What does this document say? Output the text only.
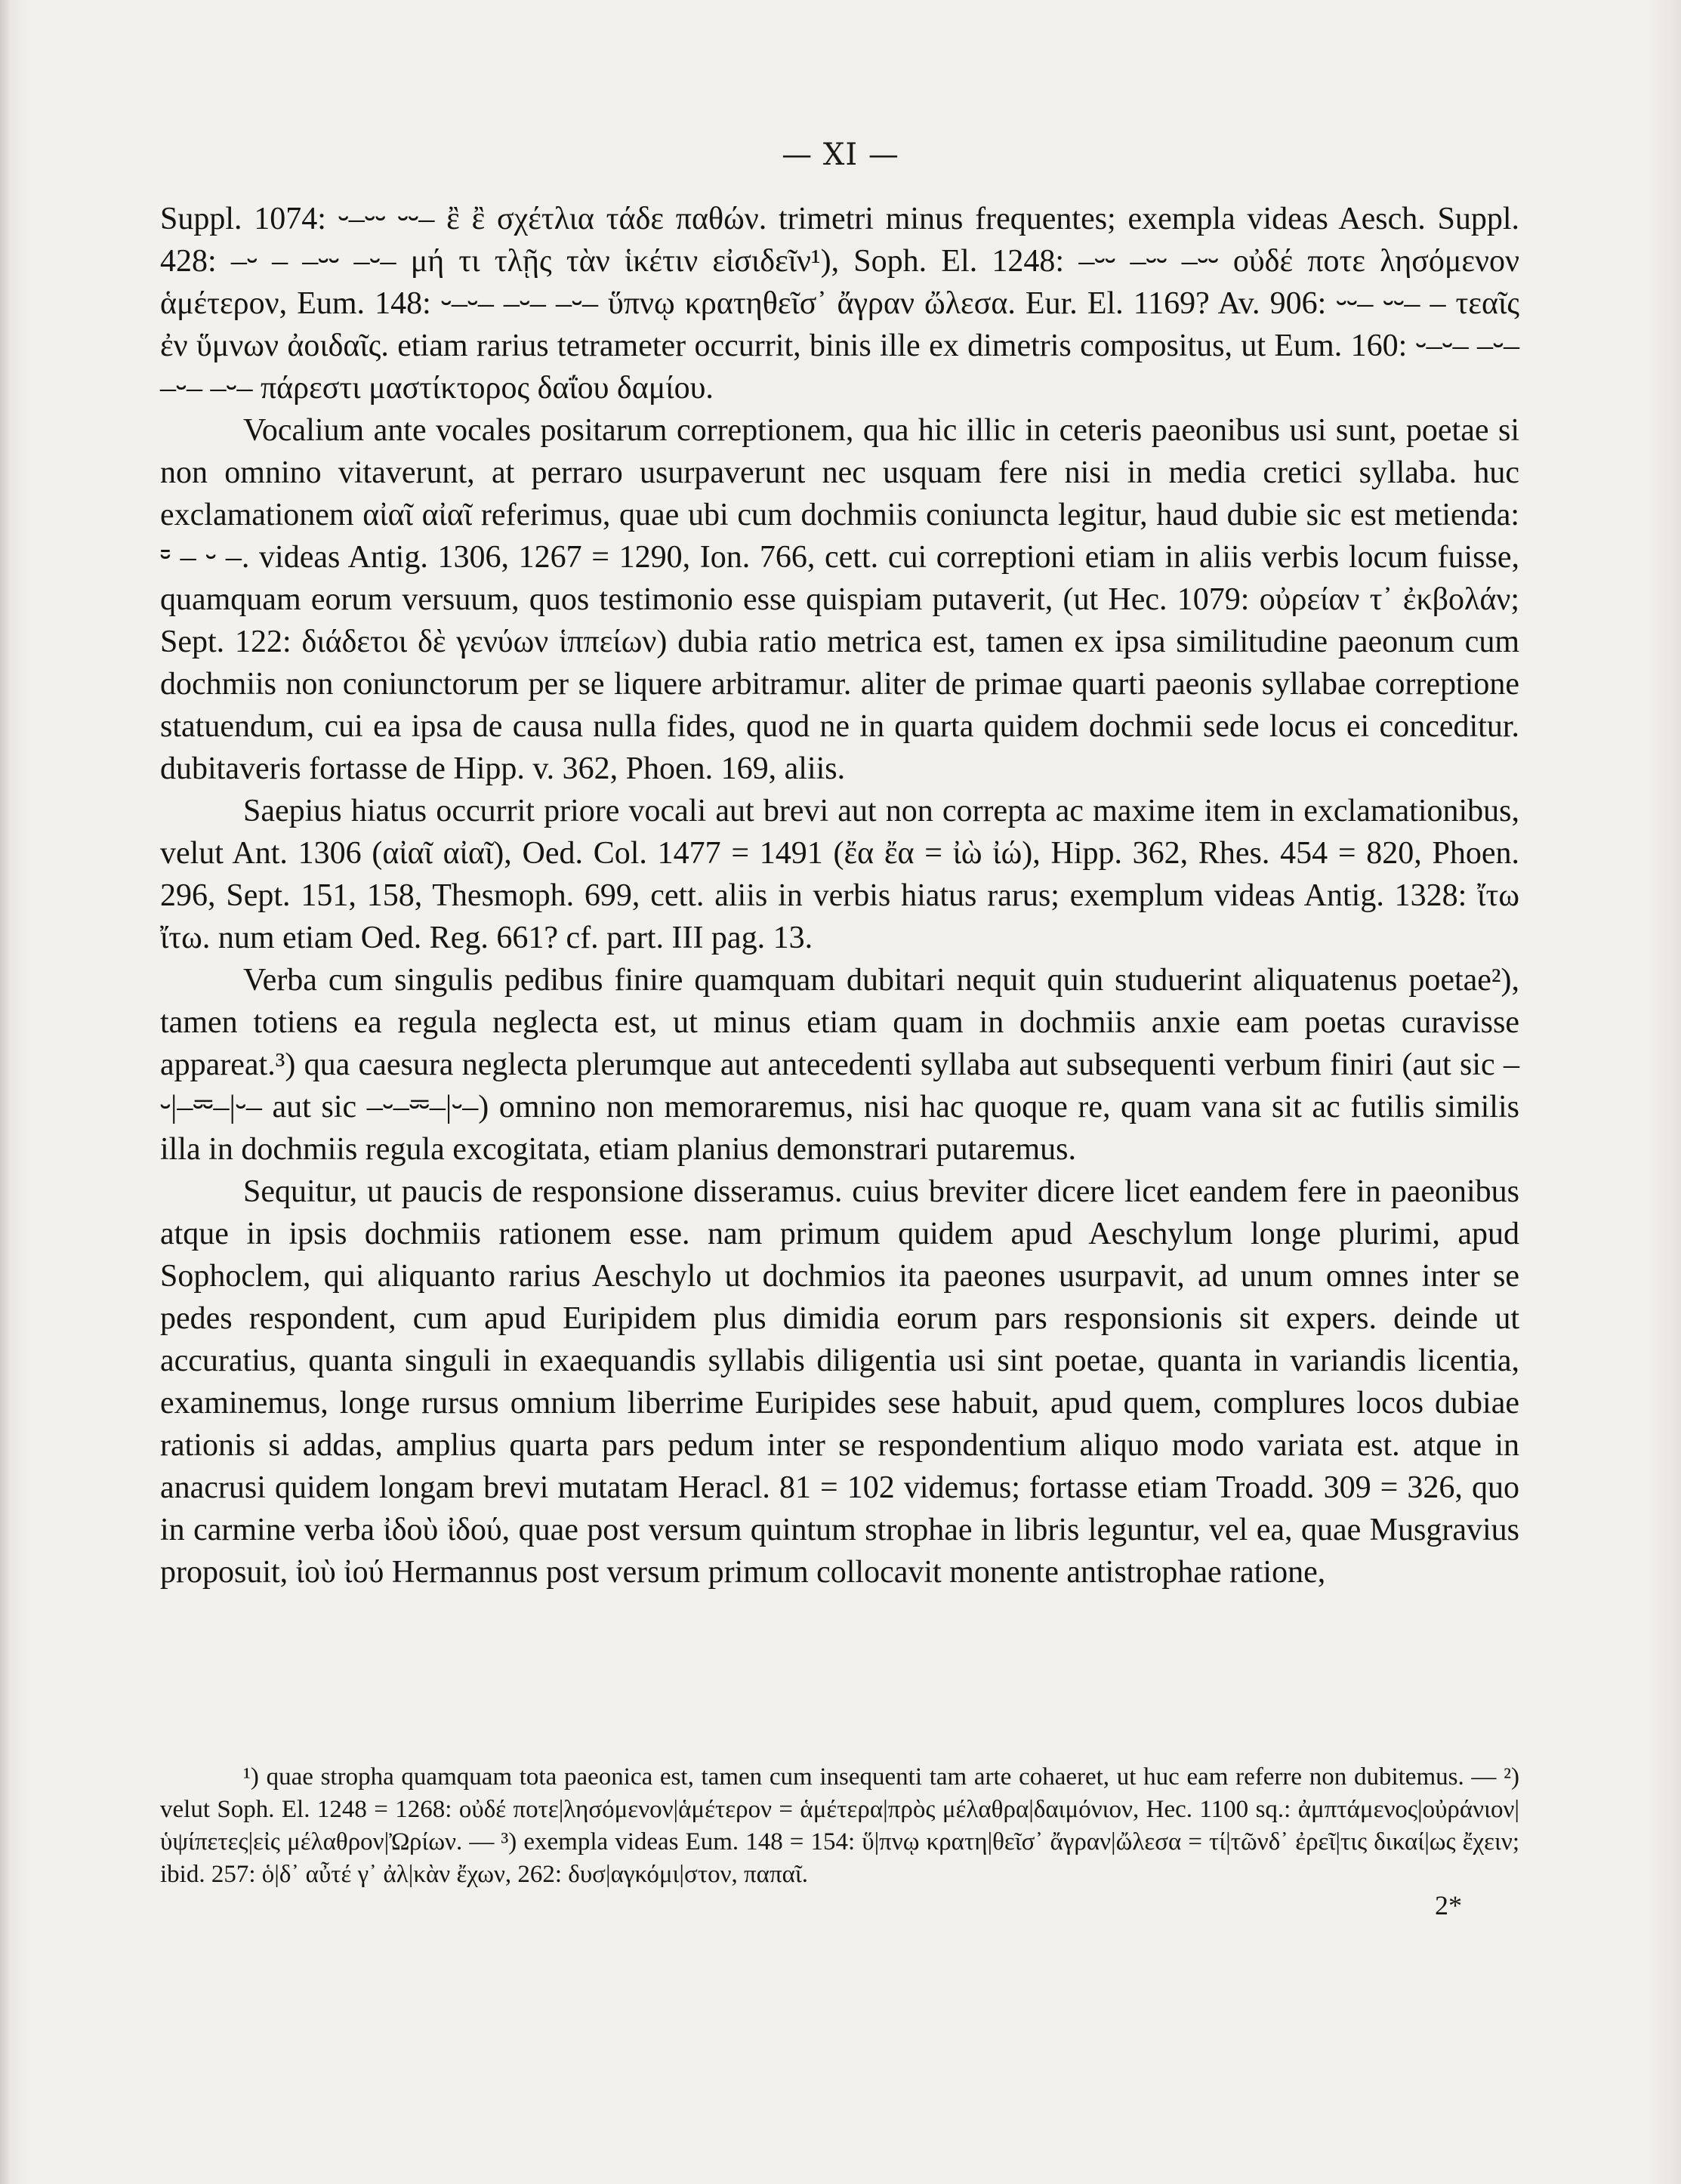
— XI —

Suppl. 1074: ⏑–⏑⏑ ⏑⏑– ἒ ἒ σχέτλια τάδε παθών. trimetri minus frequentes; exempla videas Aesch. Suppl. 428: –⏑ – –⏑⏑ –⏑– μή τι τλῇς τὰν ἱκέτιν εἰσιδεῖν¹), Soph. El. 1248: –⏑⏑ –⏑⏑ –⏑⏑ οὐδέ ποτε λησόμενον ἁμέτερον, Eum. 148: ⏑–⏑– –⏑– –⏑– ὕπνῳ κρατηθεῖσ᾽ ἄγραν ὤλεσα. Eur. El. 1169? Av. 906: ⏑⏑– ⏑⏑– – τεαῖς ἐν ὕμνων ἀοιδαῖς. etiam rarius tetrameter occurrit, binis ille ex dimetris compositus, ut Eum. 160: ⏑–⏑– –⏑– –⏑– –⏑– πάρεστι μαστίκτορος δαΐου δαμίου.

Vocalium ante vocales positarum correptionem, qua hic illic in ceteris paeonibus usi sunt, poetae si non omnino vitaverunt, at perraro usurpaverunt nec usquam fere nisi in media cretici syllaba. huc exclamationem αἰαῖ αἰαῖ referimus, quae ubi cum dochmiis coniuncta legitur, haud dubie sic est metienda: ⏒ – ⏑ –. videas Antig. 1306, 1267 = 1290, Ion. 766, cett. cui correptioni etiam in aliis verbis locum fuisse, quamquam eorum versuum, quos testimonio esse quispiam putaverit, (ut Hec. 1079: οὐρείαν τ᾽ ἐκβολάν; Sept. 122: διάδετοι δὲ γενύων ἱππείων) dubia ratio metrica est, tamen ex ipsa similitudine paeonum cum dochmiis non coniunctorum per se liquere arbitramur. aliter de primae quarti paeonis syllabae correptione statuendum, cui ea ipsa de causa nulla fides, quod ne in quarta quidem dochmii sede locus ei conceditur. dubitaveris fortasse de Hipp. v. 362, Phoen. 169, aliis.

Saepius hiatus occurrit priore vocali aut brevi aut non correpta ac maxime item in exclamationibus, velut Ant. 1306 (αἰαῖ αἰαῖ), Oed. Col. 1477 = 1491 (ἔα ἔα = ἰὼ ἰώ), Hipp. 362, Rhes. 454 = 820, Phoen. 296, Sept. 151, 158, Thesmoph. 699, cett. aliis in verbis hiatus rarus; exemplum videas Antig. 1328: ἴτω ἴτω. num etiam Oed. Reg. 661? cf. part. III pag. 13.

Verba cum singulis pedibus finire quamquam dubitari nequit quin studuerint aliquatenus poetae²), tamen totiens ea regula neglecta est, ut minus etiam quam in dochmiis anxie eam poetas curavisse appareat.³) qua caesura neglecta plerumque aut antecedenti syllaba aut subsequenti verbum finiri (aut sic –⏑|–⏔–|⏑– aut sic –⏑–⏔–|⏑–) omnino non memoraremus, nisi hac quoque re, quam vana sit ac futilis similis illa in dochmiis regula excogitata, etiam planius demonstrari putaremus.

Sequitur, ut paucis de responsione disseramus. cuius breviter dicere licet eandem fere in paeonibus atque in ipsis dochmiis rationem esse. nam primum quidem apud Aeschylum longe plurimi, apud Sophoclem, qui aliquanto rarius Aeschylo ut dochmios ita paeones usurpavit, ad unum omnes inter se pedes respondent, cum apud Euripidem plus dimidia eorum pars responsionis sit expers. deinde ut accuratius, quanta singuli in exaequandis syllabis diligentia usi sint poetae, quanta in variandis licentia, examinemus, longe rursus omnium liberrime Euripides sese habuit, apud quem, complures locos dubiae rationis si addas, amplius quarta pars pedum inter se respondentium aliquo modo variata est. atque in anacrusi quidem longam brevi mutatam Heracl. 81 = 102 videmus; fortasse etiam Troadd. 309 = 326, quo in carmine verba ἰδοὺ ἰδού, quae post versum quintum strophae in libris leguntur, vel ea, quae Musgravius proposuit, ἰοὺ ἰού Hermannus post versum primum collocavit monente antistrophae ratione,

¹) quae stropha quamquam tota paeonica est, tamen cum insequenti tam arte cohaeret, ut huc eam referre non dubitemus. — ²) velut Soph. El. 1248 = 1268: οὐδέ ποτε|λησόμενον|ἁμέτερον = ἁμέτερα|πρὸς μέλαθρα|δαιμόνιον, Hec. 1100 sq.: ἀμπτάμενος|οὐράνιον|ὑψίπετες|εἰς μέλαθρον|Ὠρίων. — ³) exempla videas Eum. 148 = 154: ὕ|πνῳ κρατη|θεῖσ᾽ ἄγραν|ὤλεσα = τί|τῶνδ᾽ ἐρεῖ|τις δικαί|ως ἔχειν; ibid. 257: ὁ|δ᾽ αὖτέ γ᾽ ἀλ|κὰν ἔχων, 262: δυσ|αγκόμι|στον, παπαῖ.

2*
